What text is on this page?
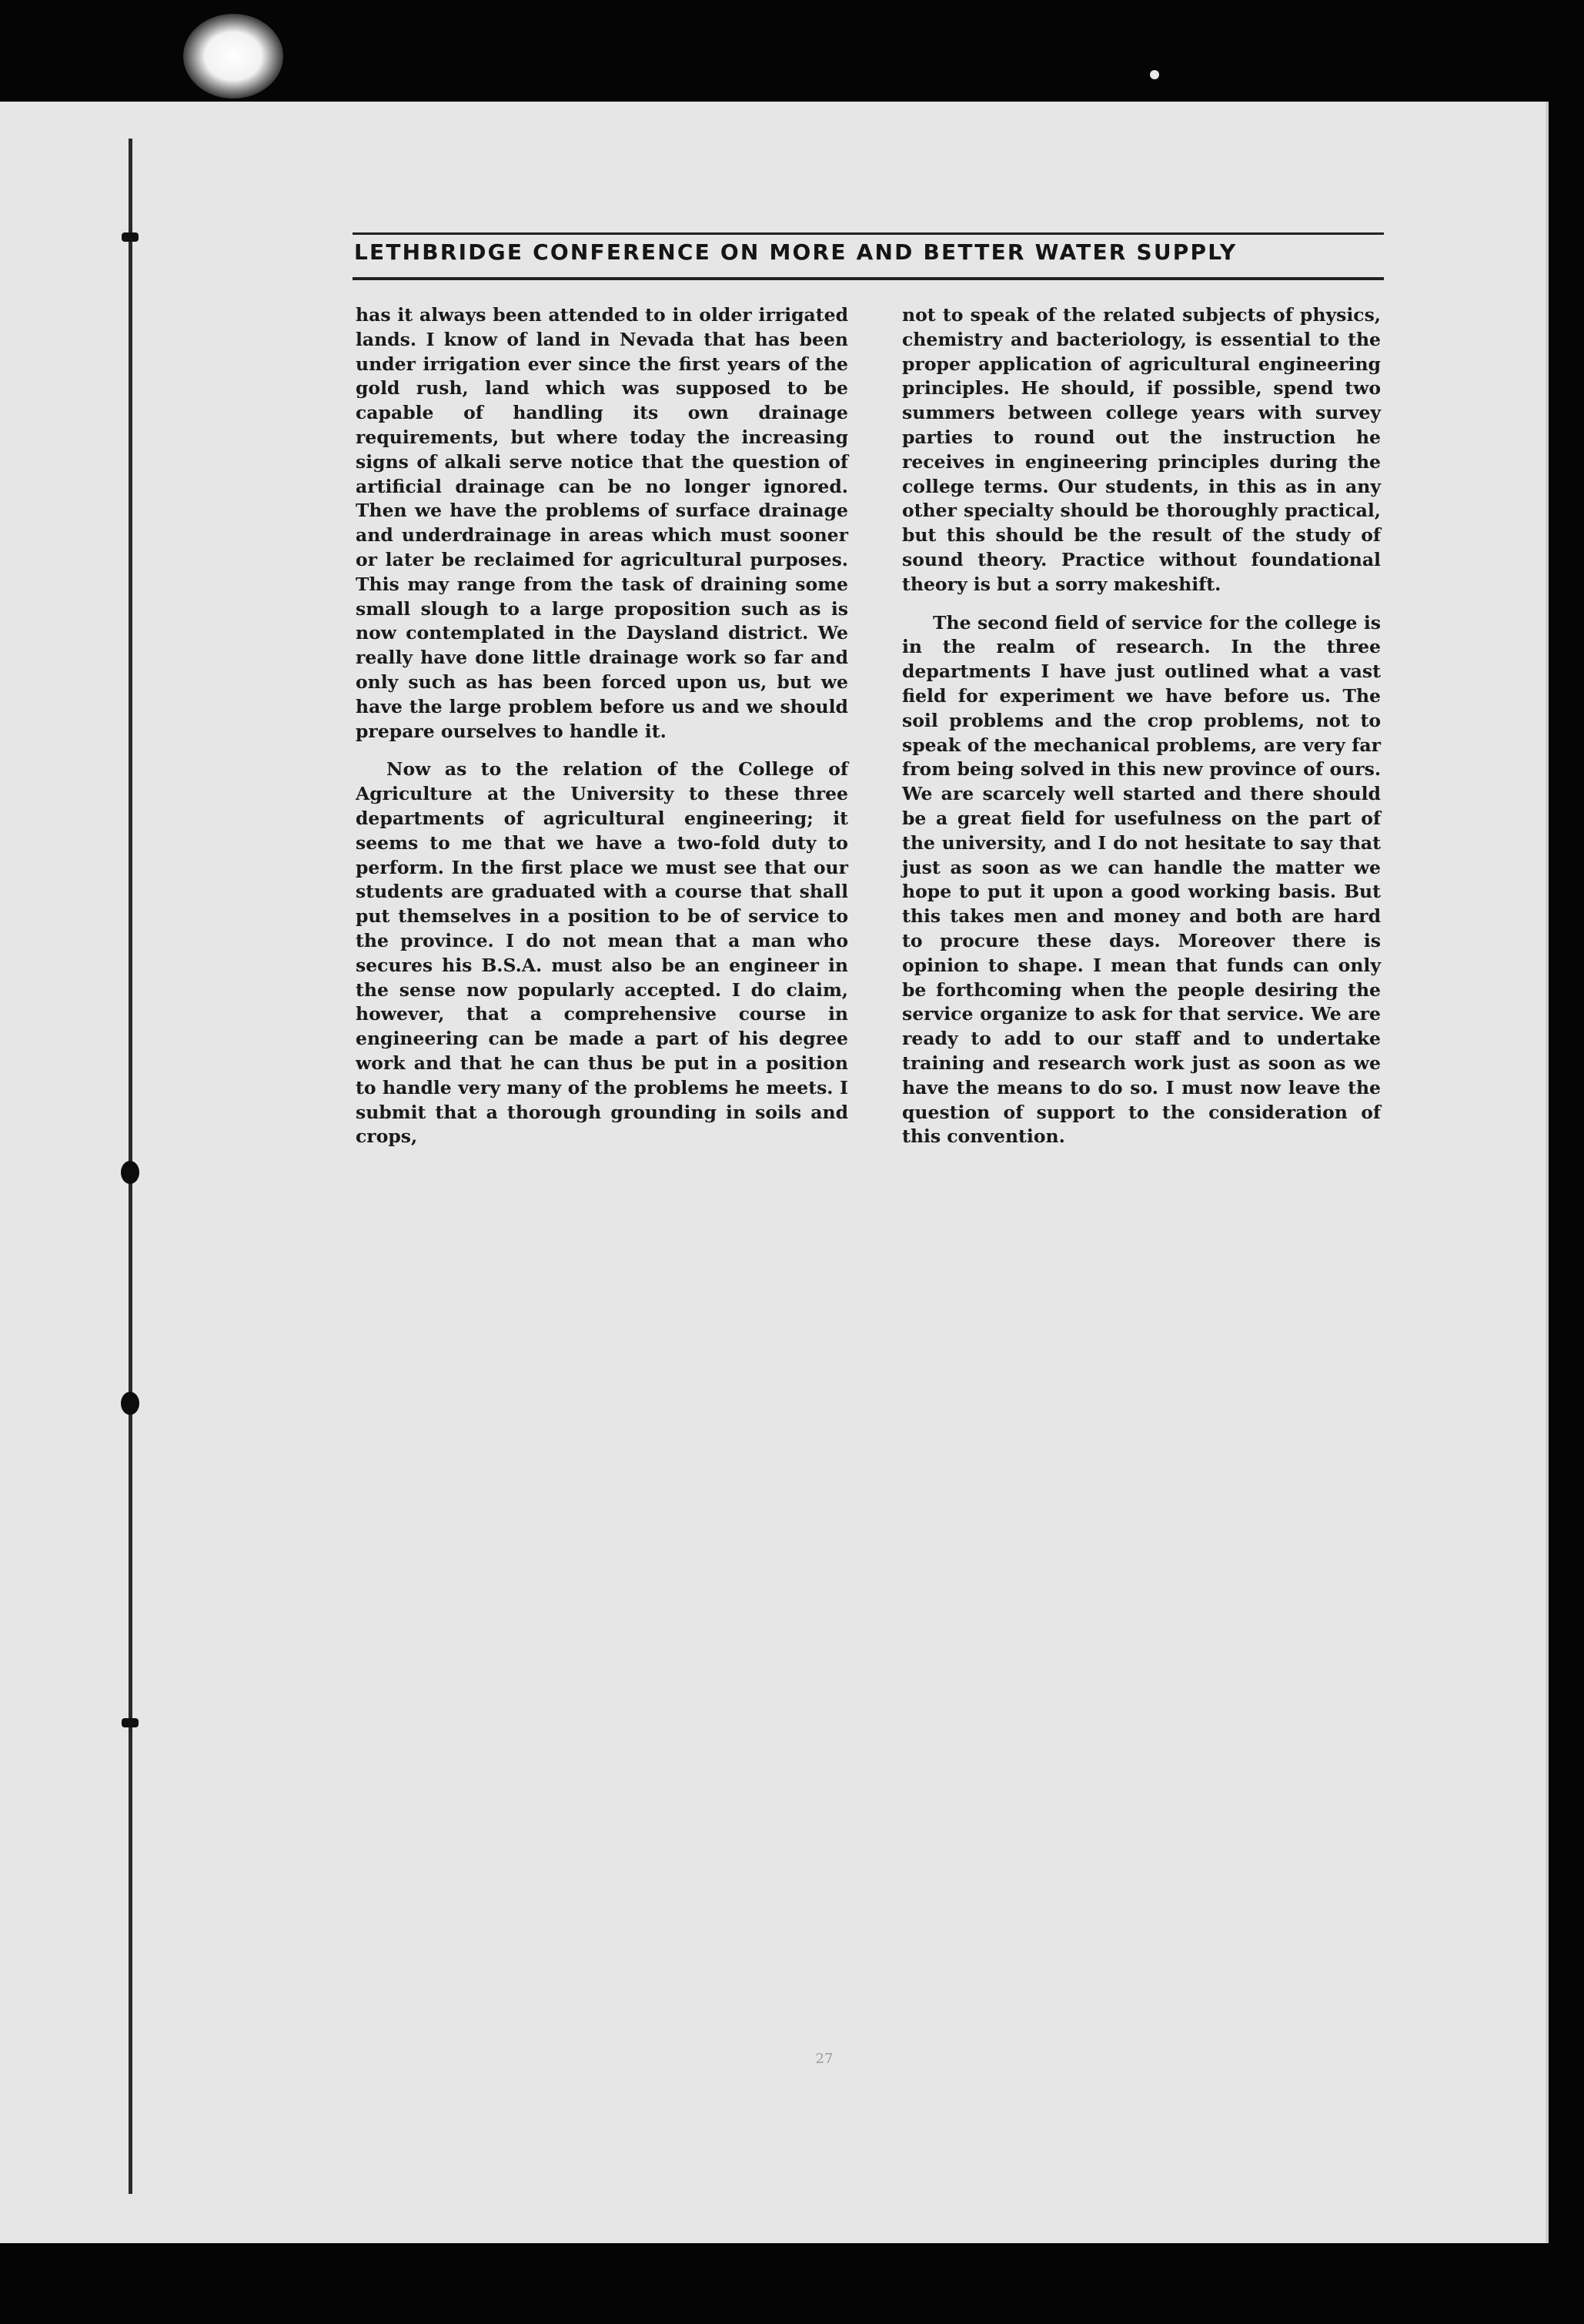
LETHBRIDGE CONFERENCE ON MORE AND BETTER WATER SUPPLY

has it always been attended to in older irrigated lands. I know of land in Nevada that has been under irrigation ever since the first years of the gold rush, land which was supposed to be capable of handling its own drainage requirements, but where today the increasing signs of alkali serve notice that the question of artificial drainage can be no longer ignored. Then we have the problems of surface drainage and underdrainage in areas which must sooner or later be reclaimed for agricultural purposes. This may range from the task of draining some small slough to a large proposition such as is now contemplated in the Daysland district. We really have done little drainage work so far and only such as has been forced upon us, but we have the large problem before us and we should prepare ourselves to handle it.

Now as to the relation of the College of Agriculture at the University to these three departments of agricultural engineering; it seems to me that we have a two-fold duty to perform. In the first place we must see that our students are graduated with a course that shall put themselves in a position to be of service to the province. I do not mean that a man who secures his B.S.A. must also be an engineer in the sense now popularly accepted. I do claim, however, that a comprehensive course in engineering can be made a part of his degree work and that he can thus be put in a position to handle very many of the problems he meets. I submit that a thorough grounding in soils and crops,

not to speak of the related subjects of physics, chemistry and bacteriology, is essential to the proper application of agricultural engineering principles. He should, if possible, spend two summers between college years with survey parties to round out the instruction he receives in engineering principles during the college terms. Our students, in this as in any other specialty should be thoroughly practical, but this should be the result of the study of sound theory. Practice without foundational theory is but a sorry makeshift.

The second field of service for the college is in the realm of research. In the three departments I have just outlined what a vast field for experiment we have before us. The soil problems and the crop problems, not to speak of the mechanical problems, are very far from being solved in this new province of ours. We are scarcely well started and there should be a great field for usefulness on the part of the university, and I do not hesitate to say that just as soon as we can handle the matter we hope to put it upon a good working basis. But this takes men and money and both are hard to procure these days. Moreover there is opinion to shape. I mean that funds can only be forthcoming when the people desiring the service organize to ask for that service. We are ready to add to our staff and to undertake training and research work just as soon as we have the means to do so. I must now leave the question of support to the consideration of this convention.

27
